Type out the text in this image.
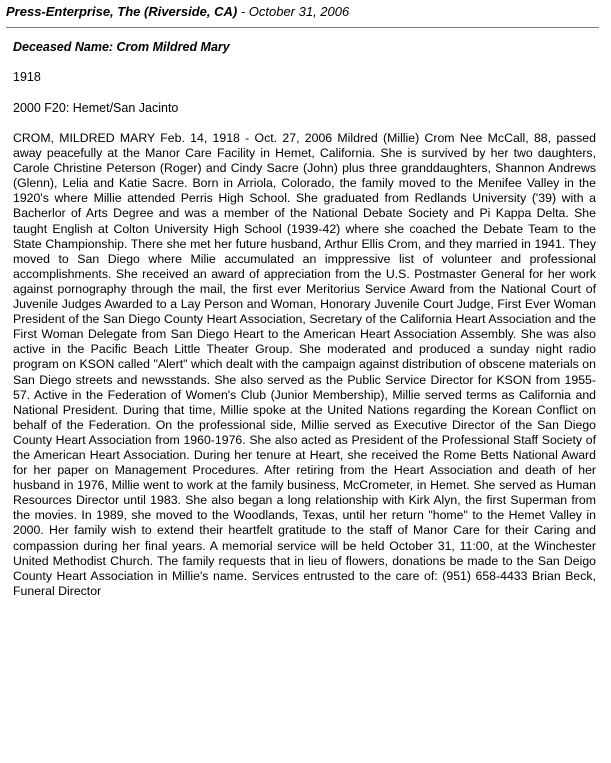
Press-Enterprise, The (Riverside, CA) - October 31, 2006
Deceased Name: Crom Mildred Mary
1918
2000 F20: Hemet/San Jacinto

CROM, MILDRED MARY Feb. 14, 1918 - Oct. 27, 2006 Mildred (Millie) Crom Nee McCall, 88, passed away peacefully at the Manor Care Facility in Hemet, California. She is survived by her two daughters, Carole Christine Peterson (Roger) and Cindy Sacre (John) plus three granddaughters, Shannon Andrews (Glenn), Lelia and Katie Sacre. Born in Arriola, Colorado, the family moved to the Menifee Valley in the 1920's where Millie attended Perris High School. She graduated from Redlands University ('39) with a Bacherlor of Arts Degree and was a member of the National Debate Society and Pi Kappa Delta. She taught English at Colton University High School (1939-42) where she coached the Debate Team to the State Championship. There she met her future husband, Arthur Ellis Crom, and they married in 1941. They moved to San Diego where Milie accumulated an imppressive list of volunteer and professional accomplishments. She received an award of appreciation from the U.S. Postmaster General for her work against pornography through the mail, the first ever Meritorius Service Award from the National Court of Juvenile Judges Awarded to a Lay Person and Woman, Honorary Juvenile Court Judge, First Ever Woman President of the San Diego County Heart Association, Secretary of the California Heart Association and the First Woman Delegate from San Diego Heart to the American Heart Association Assembly. She was also active in the Pacific Beach Little Theater Group. She moderated and produced a sunday night radio program on KSON called "Alert" which dealt with the campaign against distribution of obscene materials on San Diego streets and newsstands. She also served as the Public Service Director for KSON from 1955-57. Active in the Federation of Women's Club (Junior Membership), Millie served terms as California and National President. During that time, Millie spoke at the United Nations regarding the Korean Conflict on behalf of the Federation. On the professional side, Millie served as Executive Director of the San Diego County Heart Association from 1960-1976. She also acted as President of the Professional Staff Society of the American Heart Association. During her tenure at Heart, she received the Rome Betts National Award for her paper on Management Procedures. After retiring from the Heart Association and death of her husband in 1976, Millie went to work at the family business, McCrometer, in Hemet. She served as Human Resources Director until 1983. She also began a long relationship with Kirk Alyn, the first Superman from the movies. In 1989, she moved to the Woodlands, Texas, until her return "home" to the Hemet Valley in 2000. Her family wish to extend their heartfelt gratitude to the staff of Manor Care for their Caring and compassion during her final years. A memorial service will be held October 31, 11:00, at the Winchester United Methodist Church. The family requests that in lieu of flowers, donations be made to the San Deigo County Heart Association in Millie's name. Services entrusted to the care of: (951) 658-4433 Brian Beck, Funeral Director
